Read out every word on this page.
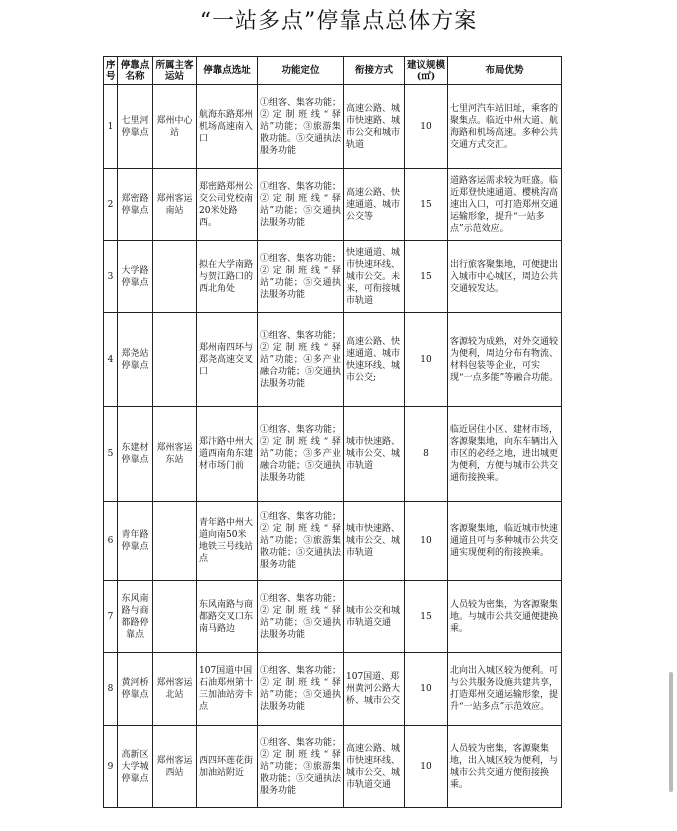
“一站多点”停靠点总体方案
序号	停靠点名称	所属主客运站	停靠点选址	功能定位	衔接方式	建议规模(㎡)	布局优势
1	七里河停靠点	郑州中心站	航海东路郑州机场高速南入口	①组客、集客功能；②定制班线“驿站”功能；③旅游集散功能。⑤交通执法服务功能	高速公路、城市快速路、城市公交和城市轨道	10	七里河汽车站旧址，乘客的聚集点。临近中州大道、航海路和机场高速。多种公共交通方式交汇。
2	郑密路停靠点	郑州客运南站	郑密路郑州公交公司党校南20米处路西。	①组客、集客功能；②定制班线“驿站”功能；⑤交通执法服务功能	高速公路、快速通道、城市公交等	15	道路客运需求较为旺盛。临近郑登快速通道、樱桃沟高速出入口，可打造郑州交通运输形象，提升“一站多点”示范效应。
3	大学路停靠点		拟在大学南路与贺江路口的西北角处	①组客、集客功能；②定制班线“驿站”功能；⑤交通执法服务功能	快速通道、城市快速环线、城市公交。未来，可衔接城市轨道	15	出行旅客聚集地，可便捷出入城市中心城区，周边公共交通较发达。
4	郑尧站停靠点		郑州南四环与郑尧高速交叉口	①组客、集客功能；②定制班线“驿站”功能；④多产业融合功能；⑤交通执法服务功能	高速公路、快速通道、城市快速环线、城市公交;	10	客源较为成熟，对外交通较为便利，周边分布有物流、材料包装等企业，可实现“一点多能”等融合功能。
5	东建材停靠点	郑州客运东站	郑汴路中州大道西南角东建材市场门前	①组客、集客功能；②定制班线“驿站”功能；③多产业融合功能；⑤交通执法服务功能	城市快速路、城市公交、城市轨道	8	临近居住小区、建材市场，客源聚集地，向东车辆出入市区的必经之地，进出城更为便利，方便与城市公共交通衔接换乘。
6	青年路停靠点		青年路中州大道向南50米地铁三号线站点	①组客、集客功能；②定制班线“驿站”功能；③旅游集散功能；⑤交通执法服务功能	城市快速路、城市公交、城市轨道	10	客源聚集地，临近城市快速通道且可与多种城市公共交通实现便利的衔接换乘。
7	东风南路与商都路停靠点		东风南路与商都路交叉口东南马路边	①组客、集客功能；②定制班线“驿站”功能；⑤交通执法服务功能	城市公交和城市轨道交通	15	人员较为密集，为客源聚集地。与城市公共交通便捷换乘。
8	黄河桥停靠点	郑州客运北站	107国道中国石油郑州第十三加油站旁卡点	①组客、集客功能；②定制班线“驿站”功能；⑤交通执法服务功能	107国道、郑州黄河公路大桥、城市公交	10	北向出入城区较为便利。可与公共服务设施共建共享，打造郑州交通运输形象，提升“一站多点”示范效应。
9	高新区大学城停靠点	郑州客运西站	西四环莲花街加油站附近	①组客、集客功能；②定制班线“驿站”功能；③旅游集散功能；⑤交通执法服务功能	高速公路、城市快速环线、城市公交、城市轨道交通	10	人员较为密集，客源聚集地，出入城区较为便利，与城市公共交通方便衔接换乘。
